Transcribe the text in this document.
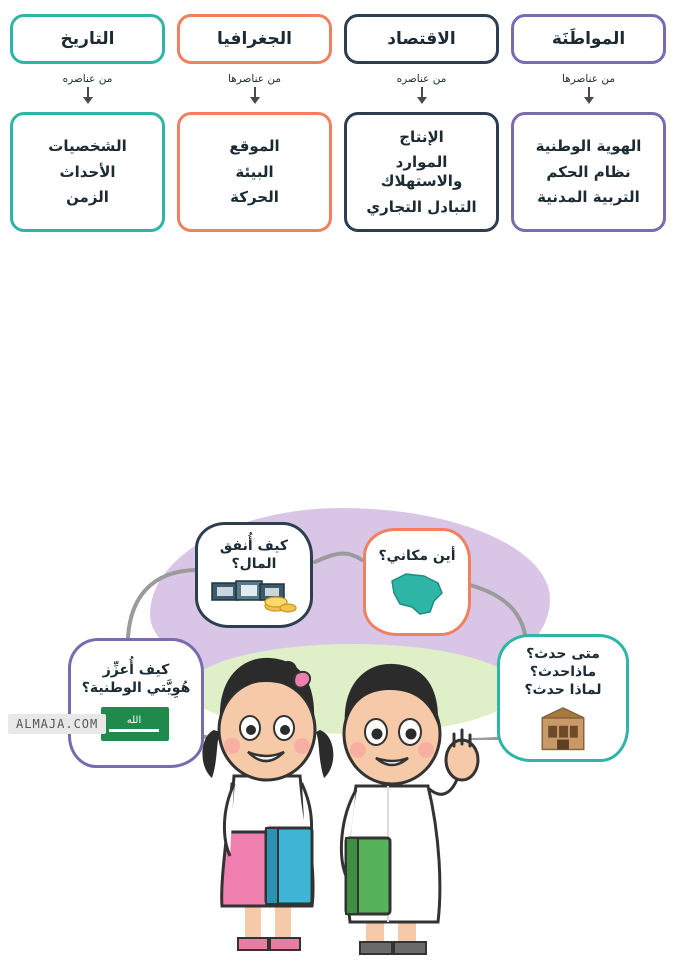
المواطَنَة
من عناصرها
الهوية الوطنية
نظام الحكم
التربية المدنية
الاقتصاد
من عناصره
الإنتاج
الموارد والاستهلاك
التبادل التجاري
الجغرافيا
من عناصرها
الموقع
البيئة
الحركة
التاريخ
من عناصره
الشخصيات
الأحداث
الزمن
كيف أُنفق المال؟
أين مكاني؟
متى حدث؟
ماذاحدث؟
لماذا حدث؟
كيف أُعزِّز
هُوِيَّتي الوطنية؟
الله
ALMAJA.COM
